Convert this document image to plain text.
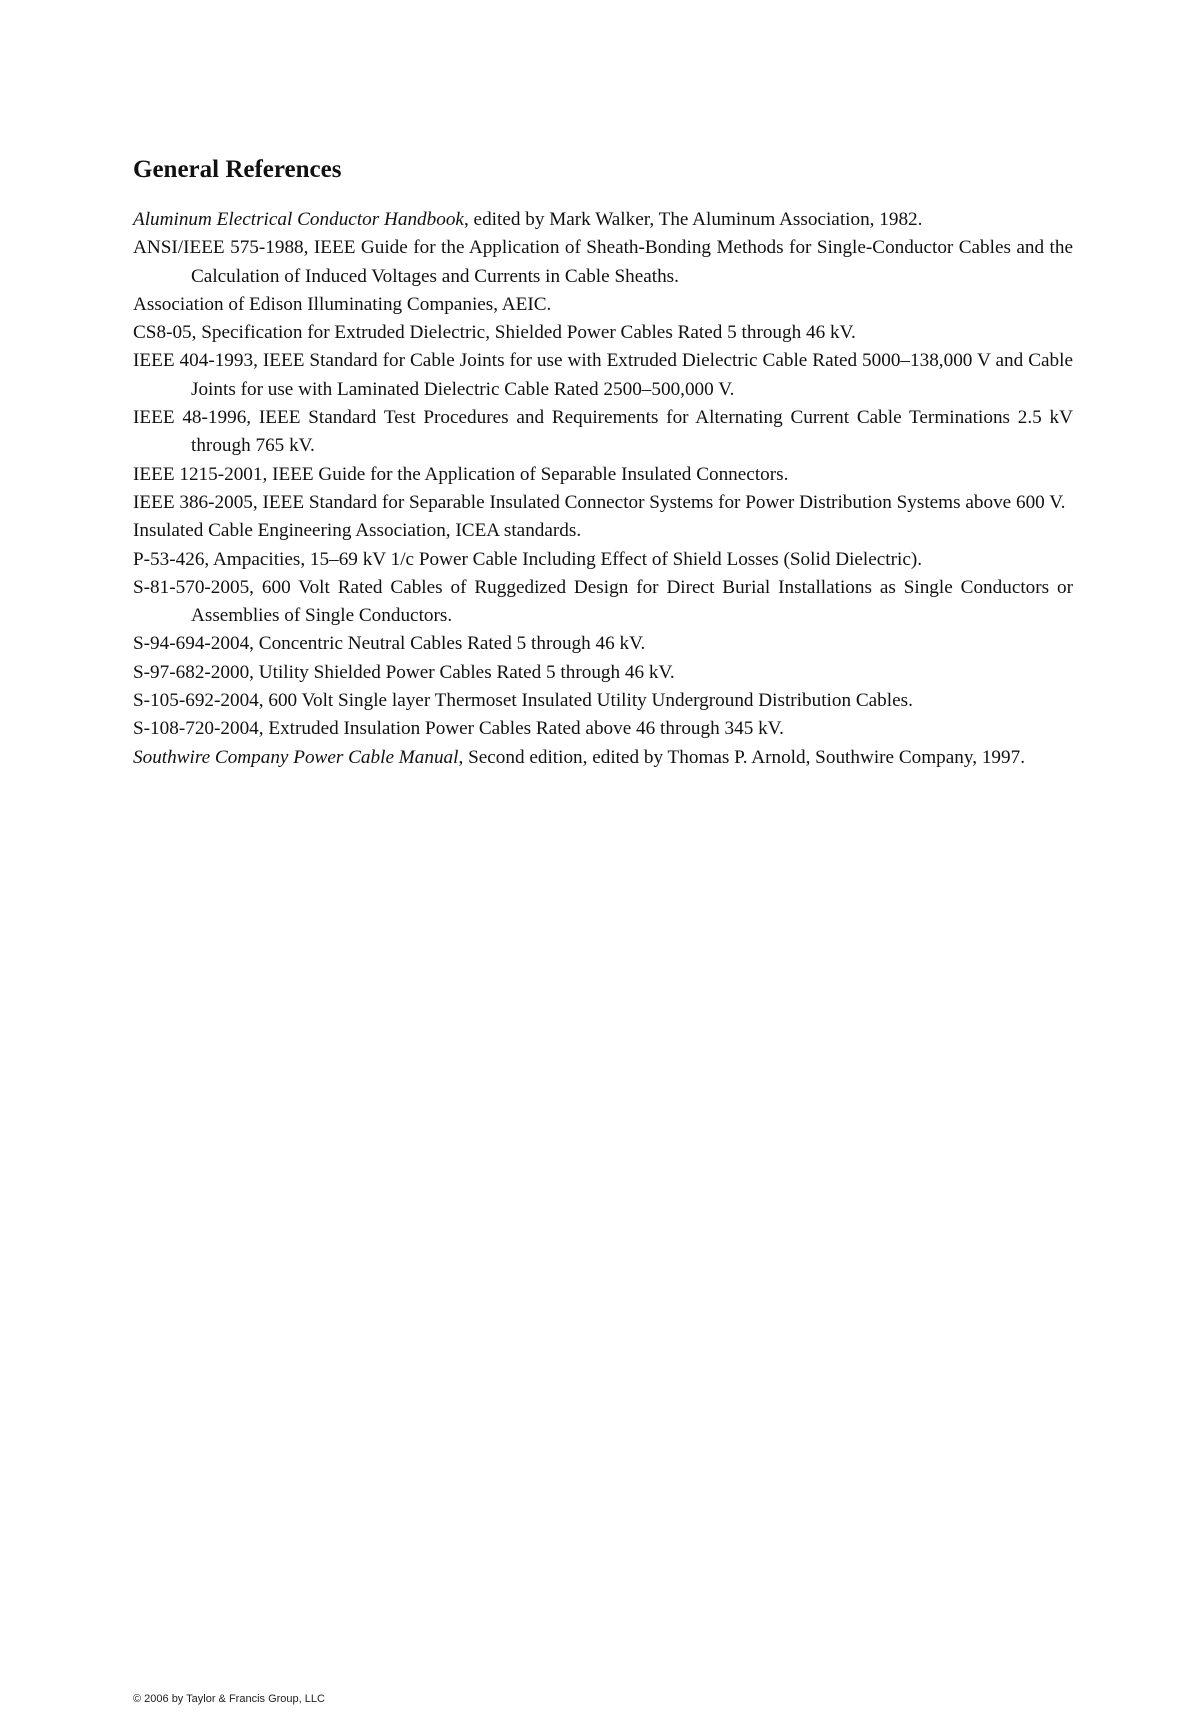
General References
Aluminum Electrical Conductor Handbook, edited by Mark Walker, The Aluminum Association, 1982.
ANSI/IEEE 575-1988, IEEE Guide for the Application of Sheath-Bonding Methods for Single-Conductor Cables and the Calculation of Induced Voltages and Currents in Cable Sheaths.
Association of Edison Illuminating Companies, AEIC.
CS8-05, Specification for Extruded Dielectric, Shielded Power Cables Rated 5 through 46 kV.
IEEE 404-1993, IEEE Standard for Cable Joints for use with Extruded Dielectric Cable Rated 5000–138,000 V and Cable Joints for use with Laminated Dielectric Cable Rated 2500–500,000 V.
IEEE 48-1996, IEEE Standard Test Procedures and Requirements for Alternating Current Cable Terminations 2.5 kV through 765 kV.
IEEE 1215-2001, IEEE Guide for the Application of Separable Insulated Connectors.
IEEE 386-2005, IEEE Standard for Separable Insulated Connector Systems for Power Distribution Systems above 600 V.
Insulated Cable Engineering Association, ICEA standards.
P-53-426, Ampacities, 15–69 kV 1/c Power Cable Including Effect of Shield Losses (Solid Dielectric).
S-81-570-2005, 600 Volt Rated Cables of Ruggedized Design for Direct Burial Installations as Single Conductors or Assemblies of Single Conductors.
S-94-694-2004, Concentric Neutral Cables Rated 5 through 46 kV.
S-97-682-2000, Utility Shielded Power Cables Rated 5 through 46 kV.
S-105-692-2004, 600 Volt Single layer Thermoset Insulated Utility Underground Distribution Cables.
S-108-720-2004, Extruded Insulation Power Cables Rated above 46 through 345 kV.
Southwire Company Power Cable Manual, Second edition, edited by Thomas P. Arnold, Southwire Company, 1997.
© 2006 by Taylor & Francis Group, LLC
